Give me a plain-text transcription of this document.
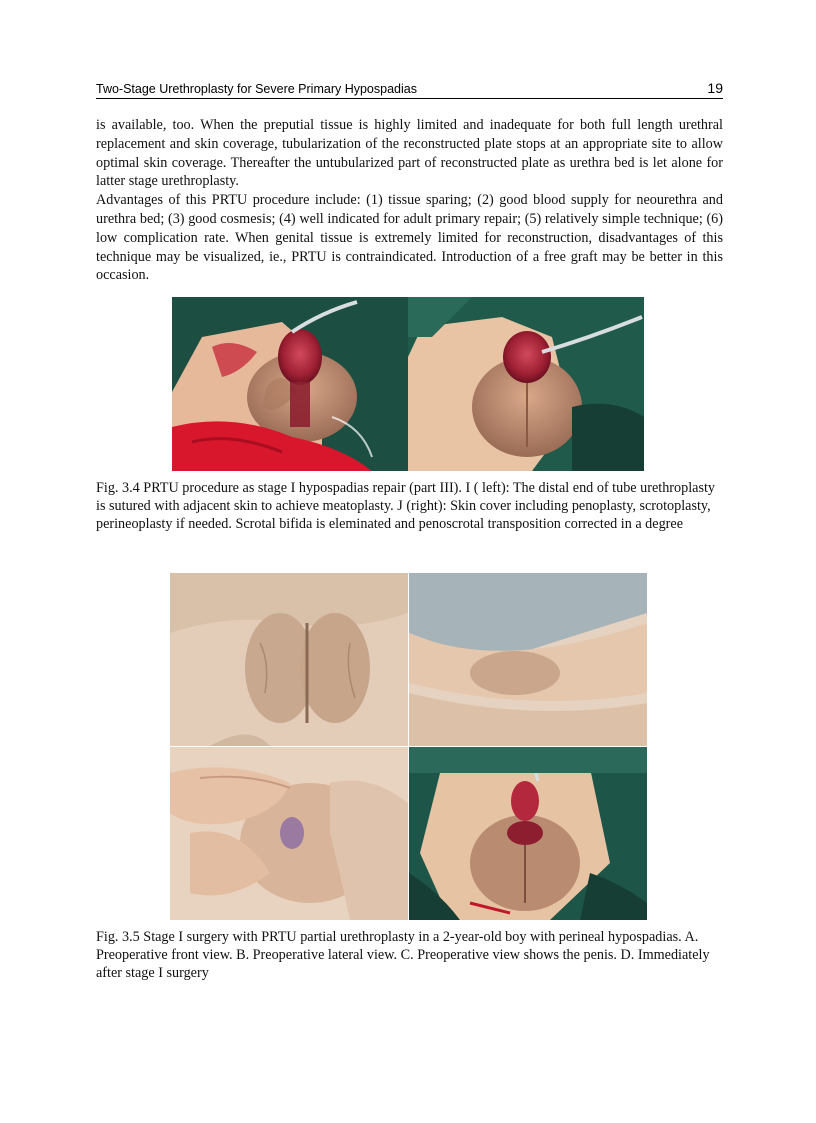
Two-Stage Urethroplasty for Severe Primary Hypospadias	19

is available, too. When the preputial tissue is highly limited and inadequate for both full length urethral replacement and skin coverage, tubularization of the reconstructed plate stops at an appropriate site to allow optimal skin coverage. Thereafter the untubularized part of reconstructed plate as urethra bed is let alone for latter stage urethroplasty.

Advantages of this PRTU procedure include: (1) tissue sparing; (2) good blood supply for neourethra and urethra bed; (3) good cosmesis; (4) well indicated for adult primary repair; (5) relatively simple technique; (6) low complication rate. When genital tissue is extremely limited for reconstruction, disadvantages of this technique may be visualized, ie., PRTU is contraindicated. Introduction of a free graft may be better in this occasion.

Fig. 3.4 PRTU procedure as stage I hypospadias repair (part III). I ( left): The distal end of tube urethroplasty is sutured with adjacent skin to achieve meatoplasty. J (right): Skin cover including penoplasty, scrotoplasty, perineoplasty if needed. Scrotal bifida is eleminated and penoscrotal transposition corrected in a degree

Fig. 3.5 Stage I surgery with PRTU partial urethroplasty in a 2-year-old boy with perineal hypospadias. A. Preoperative front view. B. Preoperative lateral view. C. Preoperative view shows the penis. D. Immediately after stage I surgery
